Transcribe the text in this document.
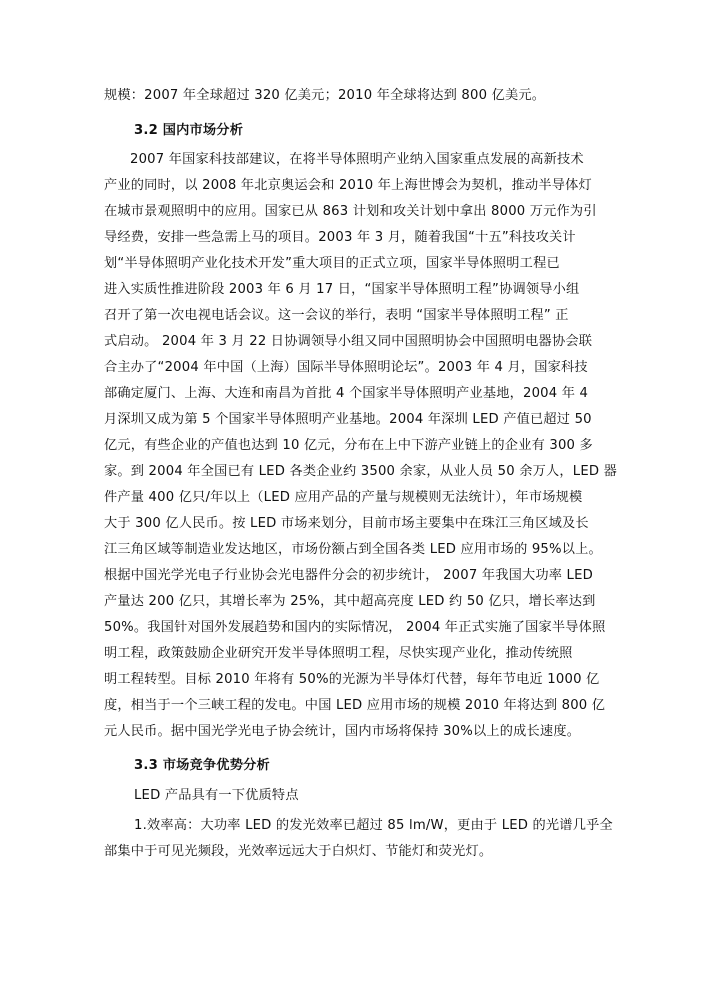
规模：2007 年全球超过 320 亿美元；2010 年全球将达到 800 亿美元。
3.2 国内市场分析
2007 年国家科技部建议，在将半导体照明产业纳入国家重点发展的高新技术
产业的同时，以 2008 年北京奥运会和 2010 年上海世博会为契机，推动半导体灯
在城市景观照明中的应用。国家已从 863 计划和攻关计划中拿出 8000 万元作为引
导经费，安排一些急需上马的项目。2003 年 3 月，随着我国“十五”科技攻关计
划“半导体照明产业化技术开发”重大项目的正式立项，国家半导体照明工程已
进入实质性推进阶段 2003 年 6 月 17 日，“国家半导体照明工程”协调领导小组
召开了第一次电视电话会议。这一会议的举行，表明 “国家半导体照明工程” 正
式启动。 2004 年 3 月 22 日协调领导小组又同中国照明协会中国照明电器协会联
合主办了“2004 年中国（上海）国际半导体照明论坛”。2003 年 4 月，国家科技
部确定厦门、上海、大连和南昌为首批 4 个国家半导体照明产业基地，2004 年 4
月深圳又成为第 5 个国家半导体照明产业基地。2004 年深圳 LED 产值已超过 50
亿元，有些企业的产值也达到 10 亿元，分布在上中下游产业链上的企业有 300 多
家。到 2004 年全国已有 LED 各类企业约 3500 余家，从业人员 50 余万人，LED 器
件产量 400 亿只/年以上（LED 应用产品的产量与规模则无法统计），年市场规模
大于 300 亿人民币。按 LED 市场来划分，目前市场主要集中在珠江三角区域及长
江三角区域等制造业发达地区，市场份额占到全国各类 LED 应用市场的 95%以上。
根据中国光学光电子行业协会光电器件分会的初步统计， 2007 年我国大功率 LED
产量达 200 亿只，其增长率为 25%，其中超高亮度 LED 约 50 亿只，增长率达到
50%。我国针对国外发展趋势和国内的实际情况， 2004 年正式实施了国家半导体照
明工程，政策鼓励企业研究开发半导体照明工程，尽快实现产业化，推动传统照
明工程转型。目标 2010 年将有 50%的光源为半导体灯代替，每年节电近 1000 亿
度，相当于一个三峡工程的发电。中国 LED 应用市场的规模 2010 年将达到 800 亿
元人民币。据中国光学光电子协会统计，国内市场将保持 30%以上的成长速度。
3.3 市场竞争优势分析
LED 产品具有一下优质特点
1.效率高：大功率 LED 的发光效率已超过 85 lm/W，更由于 LED 的光谱几乎全
部集中于可见光频段，光效率远远大于白炽灯、节能灯和荧光灯。
